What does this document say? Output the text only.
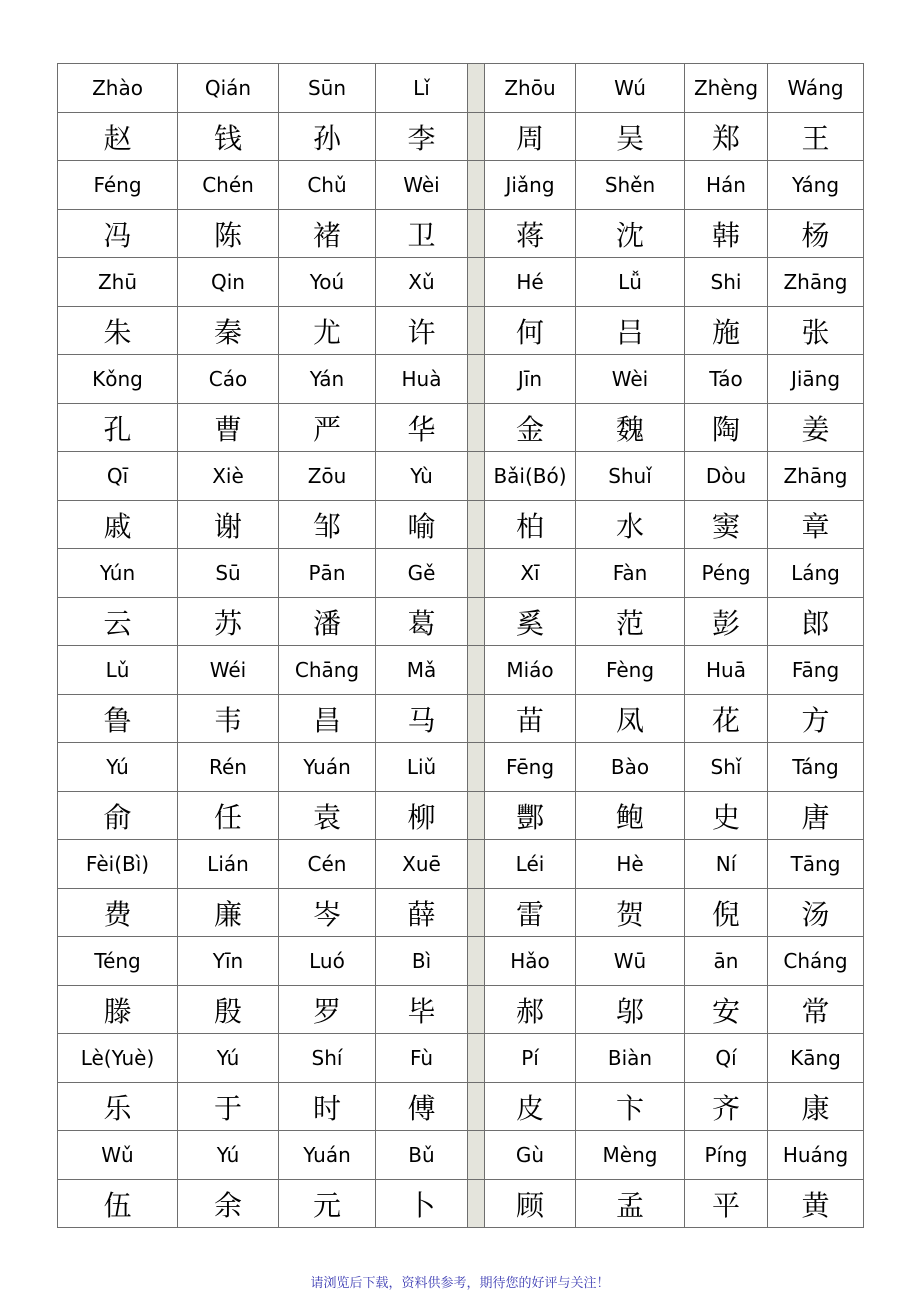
Zhào	Qián	Sūn	Lǐ		Zhōu	Wú	Zhèng	Wáng
赵	钱	孙	李		周	吴	郑	王
Féng	Chén	Chǔ	Wèi		Jiǎng	Shěn	Hán	Yáng
冯	陈	褚	卫		蒋	沈	韩	杨
Zhū	Qin	Yoú	Xǔ		Hé	Lǚ	Shi	Zhāng
朱	秦	尤	许		何	吕	施	张
Kǒng	Cáo	Yán	Huà		Jīn	Wèi	Táo	Jiāng
孔	曹	严	华		金	魏	陶	姜
Qī	Xiè	Zōu	Yù		Bǎi(Bó)	Shuǐ	Dòu	Zhāng
戚	谢	邹	喻		柏	水	窦	章
Yún	Sū	Pān	Gě		Xī	Fàn	Péng	Láng
云	苏	潘	葛		奚	范	彭	郎
Lǔ	Wéi	Chāng	Mǎ		Miáo	Fèng	Huā	Fāng
鲁	韦	昌	马		苗	凤	花	方
Yú	Rén	Yuán	Liǔ		Fēng	Bào	Shǐ	Táng
俞	任	袁	柳		酆	鲍	史	唐
Fèi(Bì)	Lián	Cén	Xuē		Léi	Hè	Ní	Tāng
费	廉	岑	薛		雷	贺	倪	汤
Téng	Yīn	Luó	Bì		Hǎo	Wū	ān	Cháng
滕	殷	罗	毕		郝	邬	安	常
Lè(Yuè)	Yú	Shí	Fù		Pí	Biàn	Qí	Kāng
乐	于	时	傅		皮	卞	齐	康
Wǔ	Yú	Yuán	Bǔ		Gù	Mèng	Píng	Huáng
伍	余	元	卜		顾	孟	平	黄
请浏览后下载，资料供参考，期待您的好评与关注！
